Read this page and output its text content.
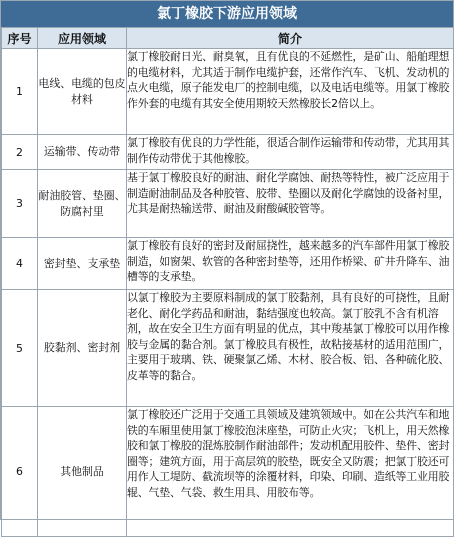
氯丁橡胶下游应用领域
序号	应用领域	简介
1	电线、电缆的包皮材料	氯丁橡胶耐日光、耐臭氧，且有优良的不延燃性，是矿山、船舶理想的电缆材料，尤其适于制作电缆护套，还常作汽车、飞机、发动机的点火电缆，原子能发电厂的控制电缆，以及电话电缆等。用氯丁橡胶作外套的电缆有其安全使用期较天然橡胶长2倍以上。
2	运输带、传动带	氯丁橡胶有优良的力学性能，很适合制作运输带和传动带，尤其用其制作传动带优于其他橡胶。
3	耐油胶管、垫圈、防腐衬里	基于氯丁橡胶良好的耐油、耐化学腐蚀、耐热等特性，被广泛应用于制造耐油制品及各种胶管、胶带、垫圈以及耐化学腐蚀的设备衬里，尤其是耐热输送带、耐油及耐酸碱胶管等。
4	密封垫、支承垫	氯丁橡胶有良好的密封及耐屈挠性，越来越多的汽车部件用氯丁橡胶制造，如窗架、软管的各种密封垫等，还用作桥梁、矿井升降车、油槽等的支承垫。
5	胶黏剂、密封剂	以氯丁橡胶为主要原料制成的氯丁胶黏剂，具有良好的可挠性，且耐老化、耐化学药品和耐油，黏结强度也较高。氯丁胶乳不含有机溶剂，故在安全卫生方面有明显的优点，其中羧基氯丁橡胶可以用作橡胶与金属的黏合剂。氯丁橡胶具有极性，故粘接基材的适用范围广，主要用于玻璃、铁、硬聚氯乙烯、木材、胶合板、铝、各种硫化胶、皮革等的黏合。
6	其他制品	氯丁橡胶还广泛用于交通工具领域及建筑领域中。如在公共汽车和地铁的车厢里使用氯丁橡胶泡沫座垫，可防止火灾；飞机上，用天然橡胶和氯丁橡胶的混炼胶制作耐油部件；发动机配用胶件、垫件、密封圈等；建筑方面，用于高层筑的胶垫，既安全又防震；把氯丁胶还可用作人工堤防、截流坝等的涂覆材料，印染、印刷、造纸等工业用胶辊、气垫、气袋、救生用具、用胶布等。
